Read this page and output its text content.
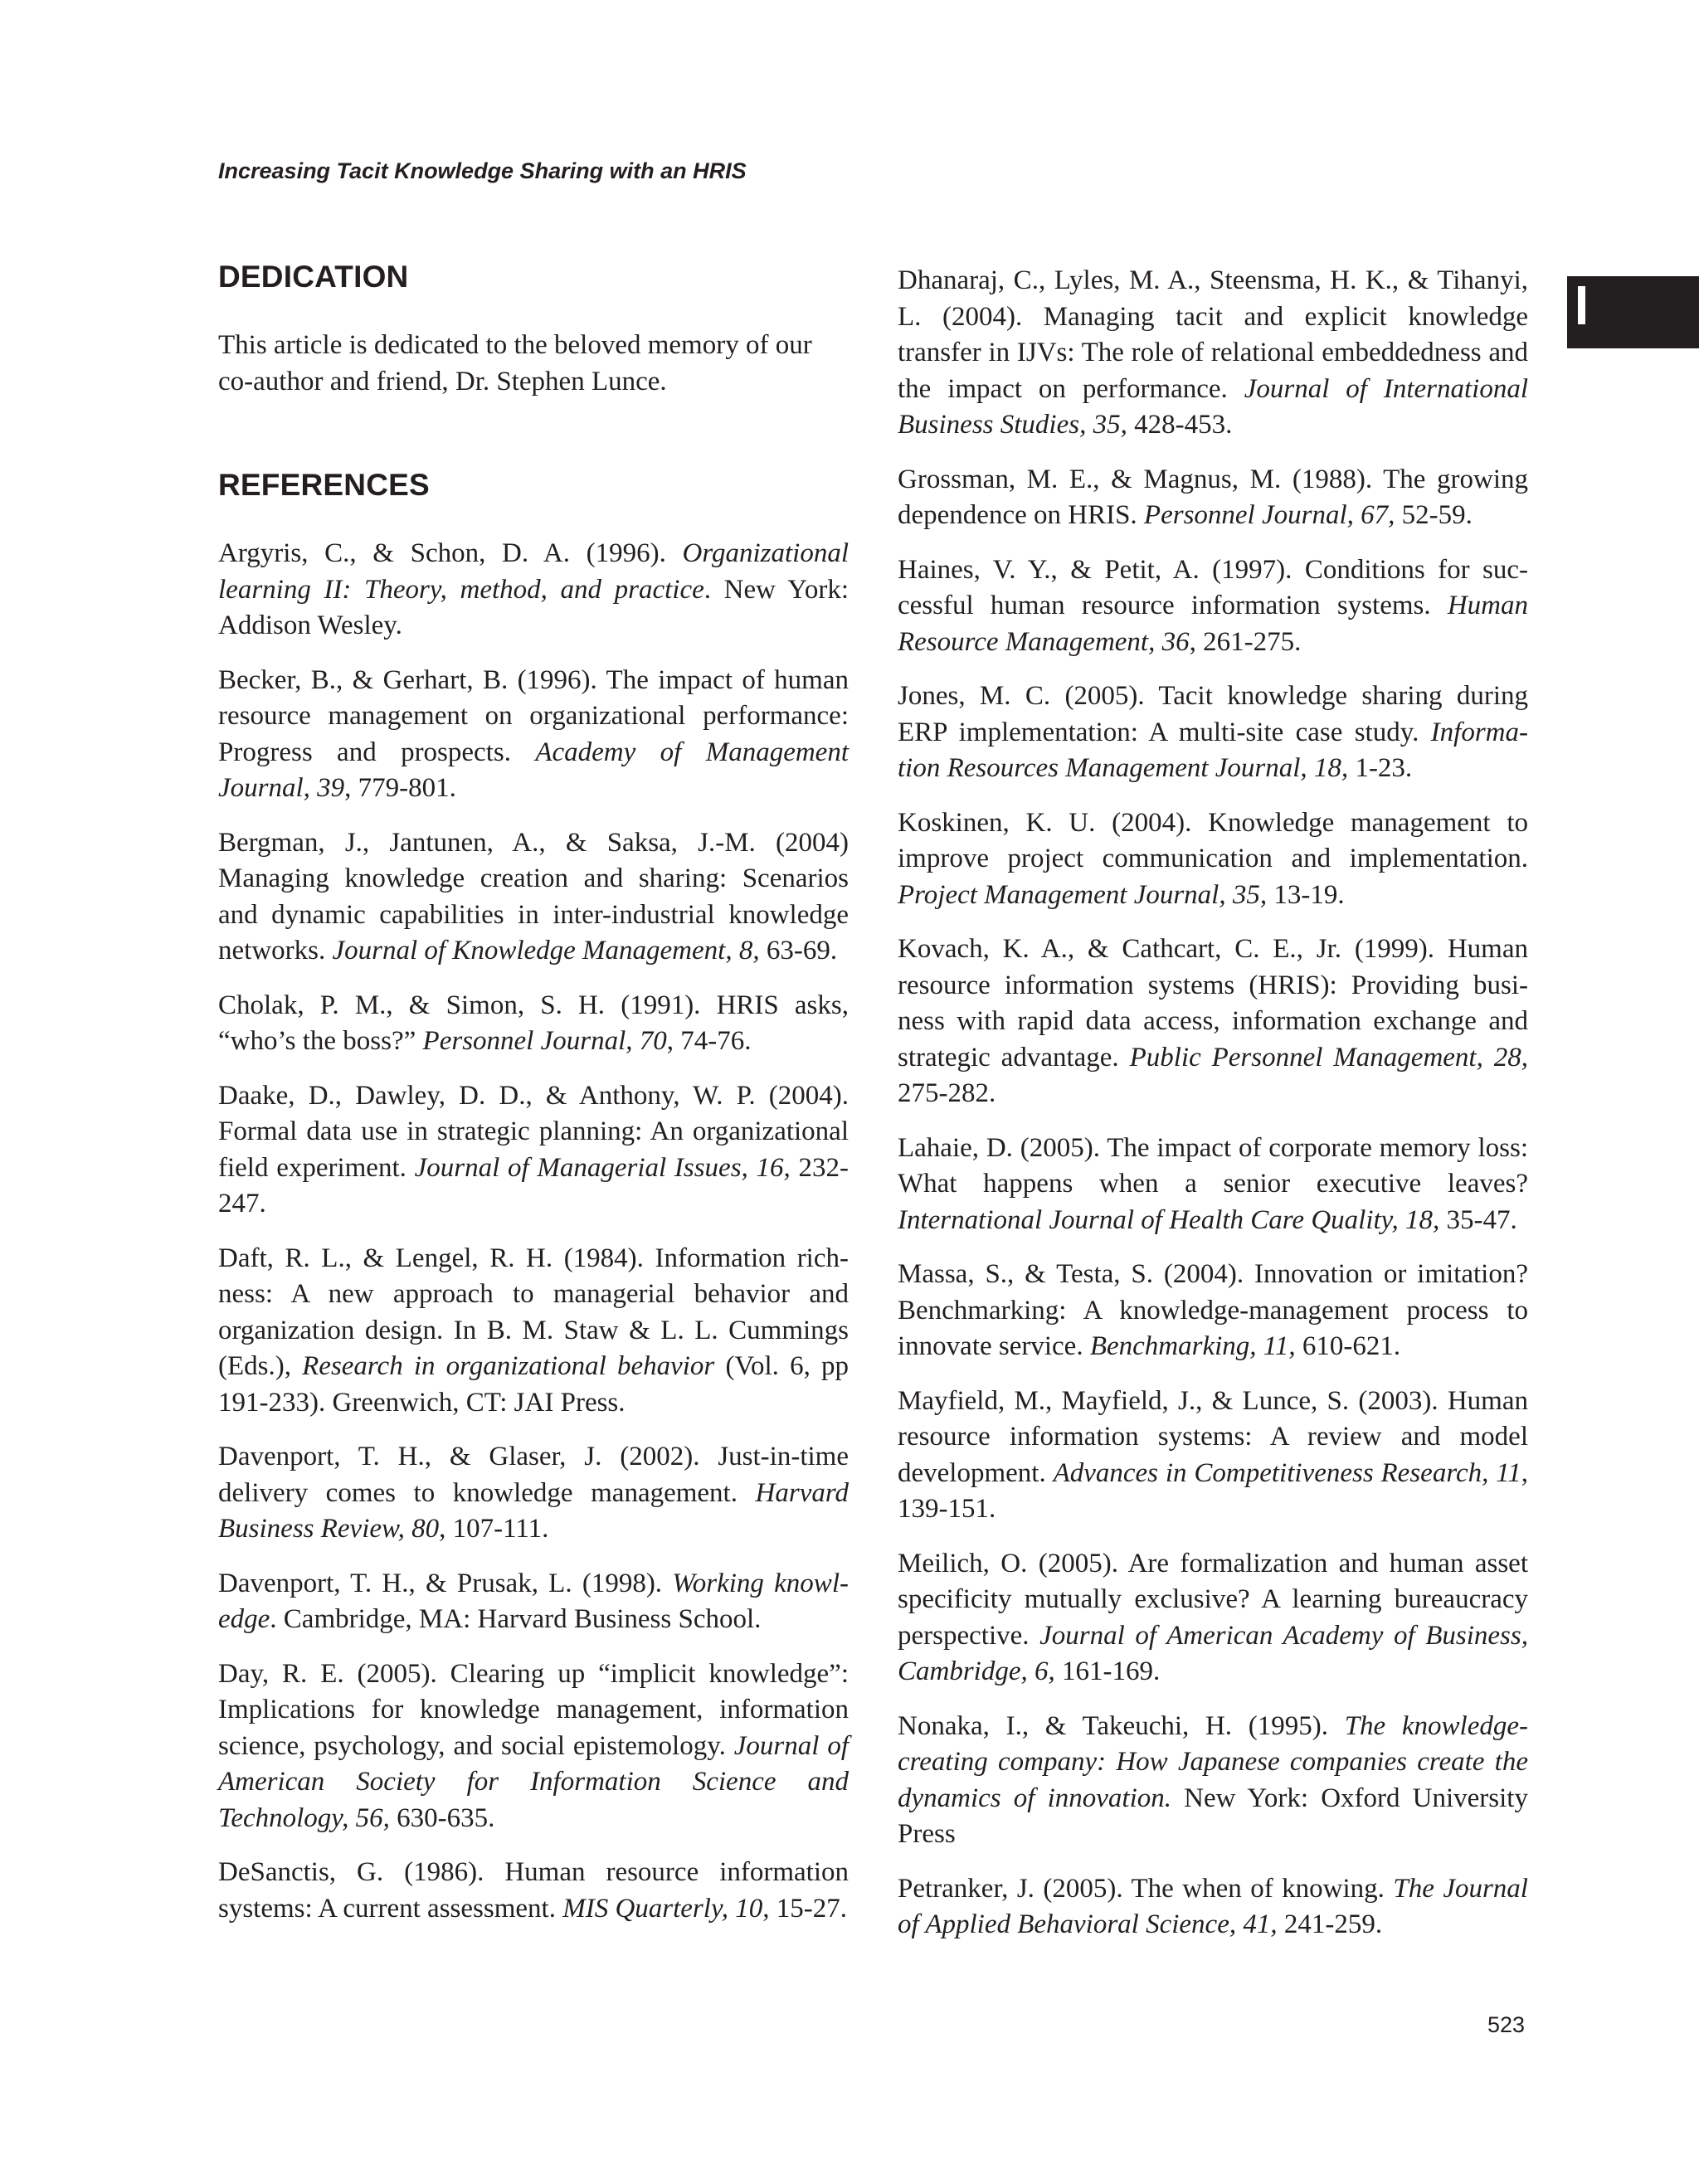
Increasing Tacit Knowledge Sharing with an HRIS
DEDICATION

This article is dedicated to the beloved memory of our co-author and friend, Dr. Stephen Lunce.

REFERENCES

Argyris, C., & Schon, D. A. (1996). Organizational learning II: Theory, method, and practice. New York: Addison Wesley.

Becker, B., & Gerhart, B. (1996). The impact of human resource management on organizational performance: Progress and prospects. Academy of Management Journal, 39, 779-801.

Bergman, J., Jantunen, A., & Saksa, J.-M. (2004) Managing knowledge creation and sharing: Scenarios and dynamic capabilities in inter-industrial knowledge networks. Journal of Knowledge Management, 8, 63-69.

Cholak, P. M., & Simon, S. H. (1991). HRIS asks, “who’s the boss?” Personnel Journal, 70, 74-76.

Daake, D., Dawley, D. D., & Anthony, W. P. (2004). Formal data use in strategic planning: An organizational field experiment. Journal of Managerial Issues, 16, 232-247.

Daft, R. L., & Lengel, R. H. (1984). Information richness: A new approach to managerial behavior and organization design. In B. M. Staw & L. L. Cummings (Eds.), Research in organizational behavior (Vol. 6, pp 191-233). Greenwich, CT: JAI Press.

Davenport, T. H., & Glaser, J. (2002). Just-in-time delivery comes to knowledge management. Harvard Business Review, 80, 107-111.

Davenport, T. H., & Prusak, L. (1998). Working knowledge. Cambridge, MA: Harvard Business School.

Day, R. E. (2005). Clearing up “implicit knowledge”: Implications for knowledge management, information science, psychology, and social epistemology. Journal of American Society for Information Science and Technology, 56, 630-635.

DeSanctis, G. (1986). Human resource information systems: A current assessment. MIS Quarterly, 10, 15-27.

Dhanaraj, C., Lyles, M. A., Steensma, H. K., & Tihanyi, L. (2004). Managing tacit and explicit knowledge transfer in IJVs: The role of relational embeddedness and the impact on performance. Journal of International Business Studies, 35, 428-453.

Grossman, M. E., & Magnus, M. (1988). The growing dependence on HRIS. Personnel Journal, 67, 52-59.

Haines, V. Y., & Petit, A. (1997). Conditions for successful human resource information systems. Human Resource Management, 36, 261-275.

Jones, M. C. (2005). Tacit knowledge sharing during ERP implementation: A multi-site case study. Information Resources Management Journal, 18, 1-23.

Koskinen, K. U. (2004). Knowledge management to improve project communication and implementation. Project Management Journal, 35, 13-19.

Kovach, K. A., & Cathcart, C. E., Jr. (1999). Human resource information systems (HRIS): Providing business with rapid data access, information exchange and strategic advantage. Public Personnel Management, 28, 275-282.

Lahaie, D. (2005). The impact of corporate memory loss: What happens when a senior executive leaves? International Journal of Health Care Quality, 18, 35-47.

Massa, S., & Testa, S. (2004). Innovation or imitation? Benchmarking: A knowledge-management process to innovate service. Benchmarking, 11, 610-621.

Mayfield, M., Mayfield, J., & Lunce, S. (2003). Human resource information systems: A review and model development. Advances in Competitiveness Research, 11, 139-151.

Meilich, O. (2005). Are formalization and human asset specificity mutually exclusive? A learning bureaucracy perspective. Journal of American Academy of Business, Cambridge, 6, 161-169.

Nonaka, I., & Takeuchi, H. (1995). The knowledge-creating company: How Japanese companies create the dynamics of innovation. New York: Oxford University Press

Petranker, J. (2005). The when of knowing. The Journal of Applied Behavioral Science, 41, 241-259.

523
